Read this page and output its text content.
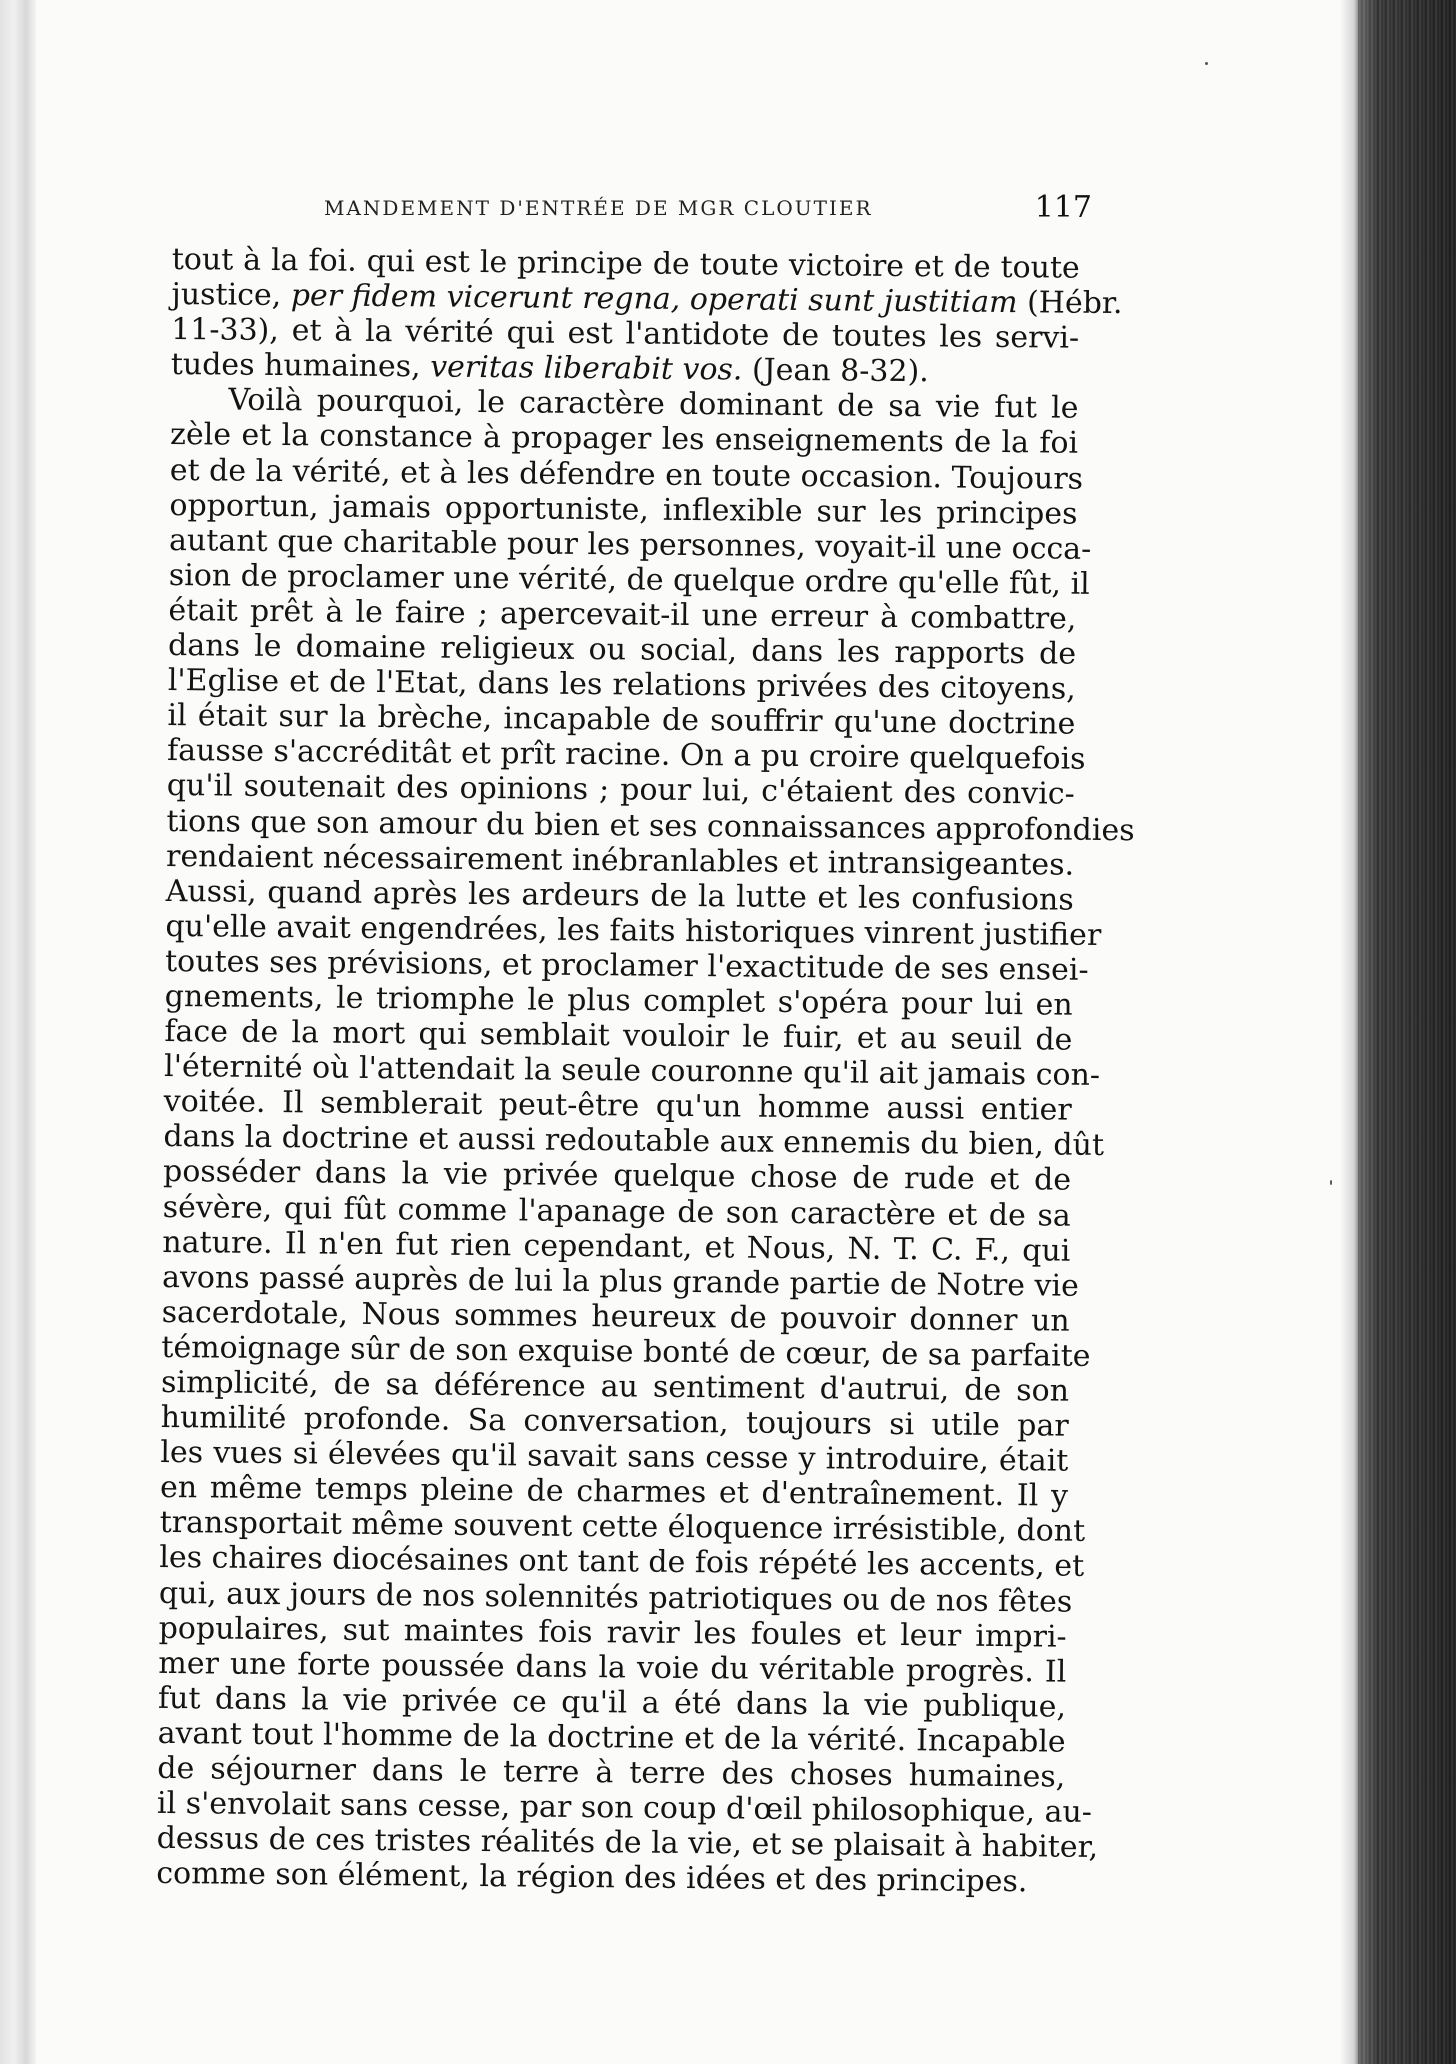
MANDEMENT D'ENTRÉE DE MGR CLOUTIER	117
tout à la foi. qui est le principe de toute victoire et de toute
justice, per fidem vicerunt regna, operati sunt justitiam (Hébr.
11-33), et à la vérité qui est l'antidote de toutes les servi-
tudes humaines, veritas liberabit vos. (Jean 8-32).
Voilà pourquoi, le caractère dominant de sa vie fut le
zèle et la constance à propager les enseignements de la foi
et de la vérité, et à les défendre en toute occasion. Toujours
opportun, jamais opportuniste, inflexible sur les principes
autant que charitable pour les personnes, voyait-il une occa-
sion de proclamer une vérité, de quelque ordre qu'elle fût, il
était prêt à le faire ; apercevait-il une erreur à combattre,
dans le domaine religieux ou social, dans les rapports de
l'Eglise et de l'Etat, dans les relations privées des citoyens,
il était sur la brèche, incapable de souffrir qu'une doctrine
fausse s'accréditât et prît racine. On a pu croire quelquefois
qu'il soutenait des opinions ; pour lui, c'étaient des convic-
tions que son amour du bien et ses connaissances approfondies
rendaient nécessairement inébranlables et intransigeantes.
Aussi, quand après les ardeurs de la lutte et les confusions
qu'elle avait engendrées, les faits historiques vinrent justifier
toutes ses prévisions, et proclamer l'exactitude de ses ensei-
gnements, le triomphe le plus complet s'opéra pour lui en
face de la mort qui semblait vouloir le fuir, et au seuil de
l'éternité où l'attendait la seule couronne qu'il ait jamais con-
voitée. Il semblerait peut-être qu'un homme aussi entier
dans la doctrine et aussi redoutable aux ennemis du bien, dût
posséder dans la vie privée quelque chose de rude et de
sévère, qui fût comme l'apanage de son caractère et de sa
nature. Il n'en fut rien cependant, et Nous, N. T. C. F., qui
avons passé auprès de lui la plus grande partie de Notre vie
sacerdotale, Nous sommes heureux de pouvoir donner un
témoignage sûr de son exquise bonté de cœur, de sa parfaite
simplicité, de sa déférence au sentiment d'autrui, de son
humilité profonde. Sa conversation, toujours si utile par
les vues si élevées qu'il savait sans cesse y introduire, était
en même temps pleine de charmes et d'entraînement. Il y
transportait même souvent cette éloquence irrésistible, dont
les chaires diocésaines ont tant de fois répété les accents, et
qui, aux jours de nos solennités patriotiques ou de nos fêtes
populaires, sut maintes fois ravir les foules et leur impri-
mer une forte poussée dans la voie du véritable progrès. Il
fut dans la vie privée ce qu'il a été dans la vie publique,
avant tout l'homme de la doctrine et de la vérité. Incapable
de séjourner dans le terre à terre des choses humaines,
il s'envolait sans cesse, par son coup d'œil philosophique, au-
dessus de ces tristes réalités de la vie, et se plaisait à habiter,
comme son élément, la région des idées et des principes.
